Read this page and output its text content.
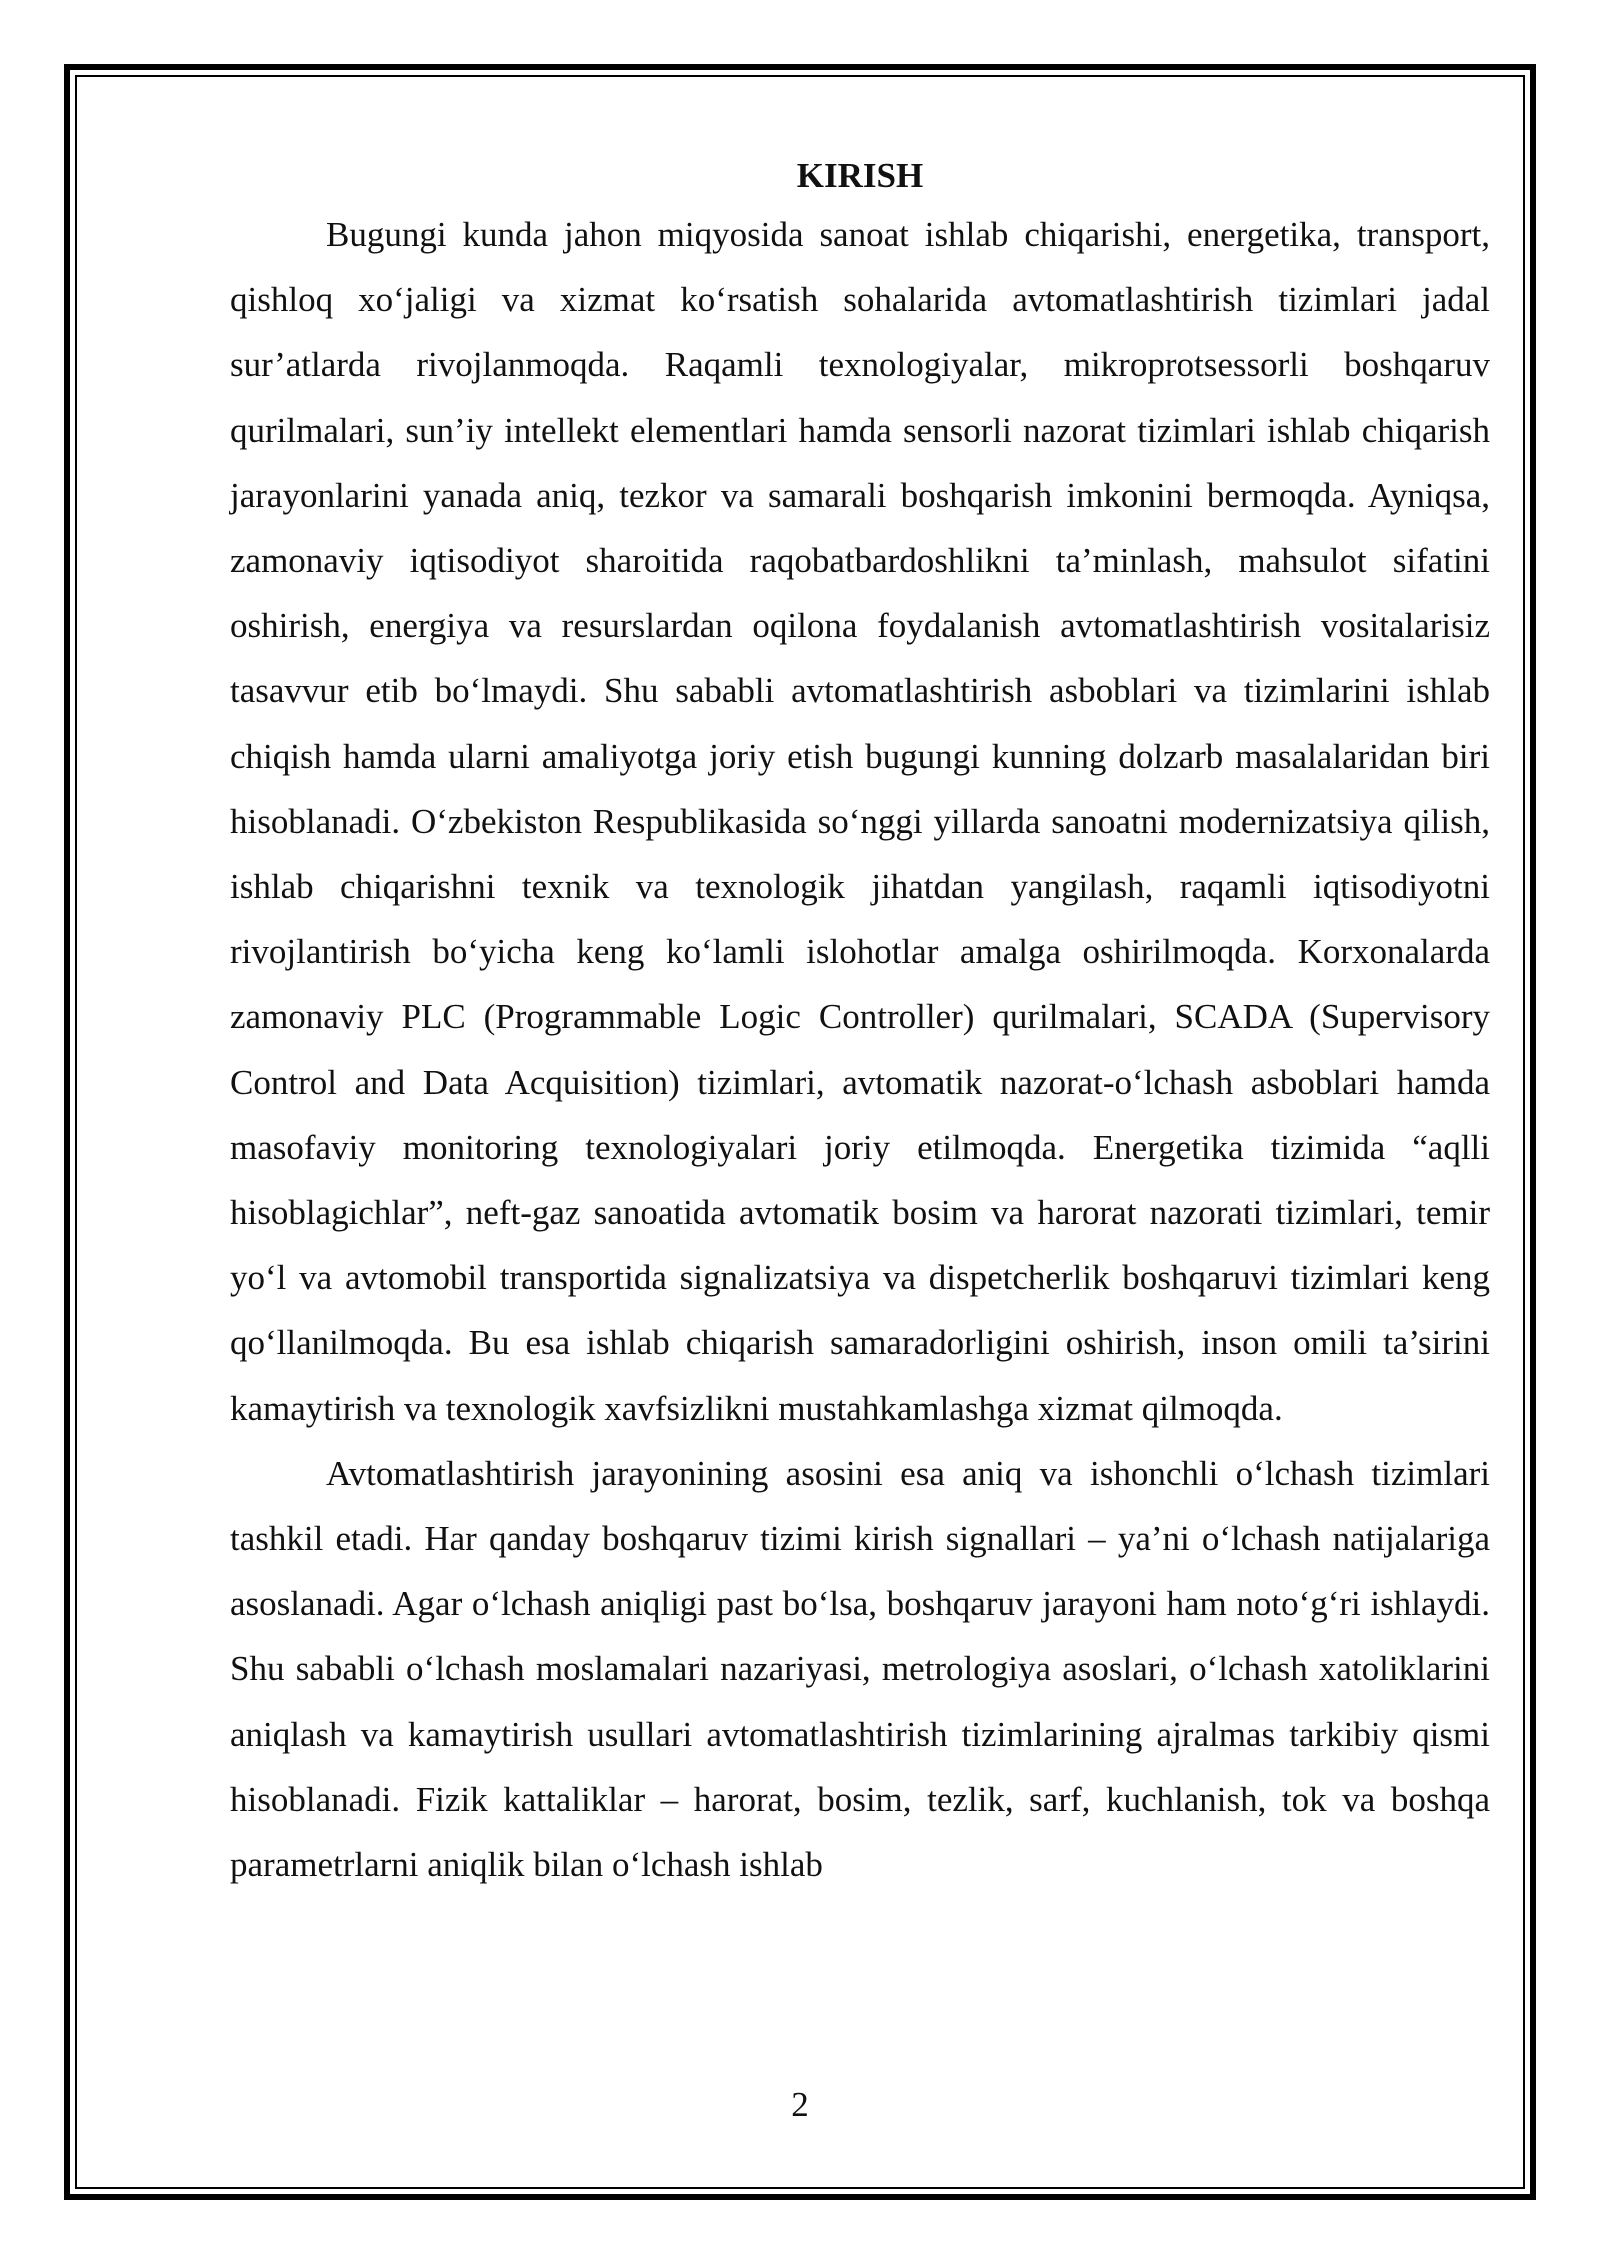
KIRISH

Bugungi kunda jahon miqyosida sanoat ishlab chiqarishi, energetika, transport, qishloq xo‘jaligi va xizmat ko‘rsatish sohalarida avtomatlashtirish tizimlari jadal sur’atlarda rivojlanmoqda. Raqamli texnologiyalar, mikroprotsessorli boshqaruv qurilmalari, sun’iy intellekt elementlari hamda sensorli nazorat tizimlari ishlab chiqarish jarayonlarini yanada aniq, tezkor va samarali boshqarish imkonini bermoqda. Ayniqsa, zamonaviy iqtisodiyot sharoitida raqobatbardoshlikni ta’minlash, mahsulot sifatini oshirish, energiya va resurslardan oqilona foydalanish avtomatlashtirish vositalarisiz tasavvur etib bo‘lmaydi. Shu sababli avtomatlashtirish asboblari va tizimlarini ishlab chiqish hamda ularni amaliyotga joriy etish bugungi kunning dolzarb masalalaridan biri hisoblanadi. O‘zbekiston Respublikasida so‘nggi yillarda sanoatni modernizatsiya qilish, ishlab chiqarishni texnik va texnologik jihatdan yangilash, raqamli iqtisodiyotni rivojlantirish bo‘yicha keng ko‘lamli islohotlar amalga oshirilmoqda. Korxonalarda zamonaviy PLC (Programmable Logic Controller) qurilmalari, SCADA (Supervisory Control and Data Acquisition) tizimlari, avtomatik nazorat-o‘lchash asboblari hamda masofaviy monitoring texnologiyalari joriy etilmoqda. Energetika tizimida “aqlli hisoblagichlar”, neft-gaz sanoatida avtomatik bosim va harorat nazorati tizimlari, temir yo‘l va avtomobil transportida signalizatsiya va dispetcherlik boshqaruvi tizimlari keng qo‘llanilmoqda. Bu esa ishlab chiqarish samaradorligini oshirish, inson omili ta’sirini kamaytirish va texnologik xavfsizlikni mustahkamlashga xizmat qilmoqda.

Avtomatlashtirish jarayonining asosini esa aniq va ishonchli o‘lchash tizimlari tashkil etadi. Har qanday boshqaruv tizimi kirish signallari – ya’ni o‘lchash natijalariga asoslanadi. Agar o‘lchash aniqligi past bo‘lsa, boshqaruv jarayoni ham noto‘g‘ri ishlaydi. Shu sababli o‘lchash moslamalari nazariyasi, metrologiya asoslari, o‘lchash xatoliklarini aniqlash va kamaytirish usullari avtomatlashtirish tizimlarining ajralmas tarkibiy qismi hisoblanadi. Fizik kattaliklar – harorat, bosim, tezlik, sarf, kuchlanish, tok va boshqa parametrlarni aniqlik bilan o‘lchash ishlab

2
